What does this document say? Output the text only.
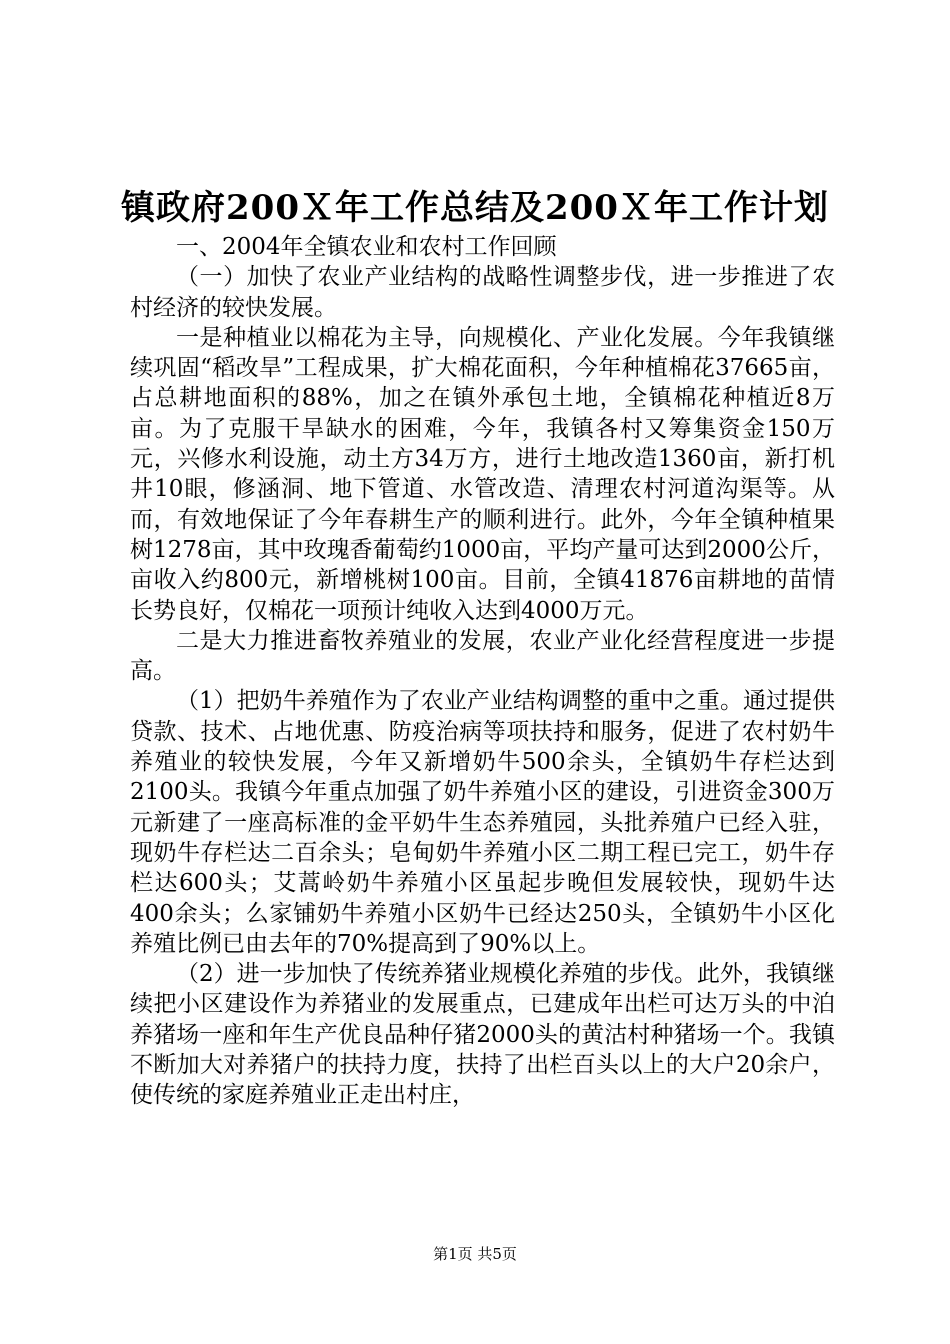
镇政府200Ｘ年工作总结及200Ｘ年工作计划

一、2004年全镇农业和农村工作回顾

（一）加快了农业产业结构的战略性调整步伐，进一步推进了农村经济的较快发展。

一是种植业以棉花为主导，向规模化、产业化发展。今年我镇继续巩固“稻改旱”工程成果，扩大棉花面积，今年种植棉花37665亩，占总耕地面积的88%，加之在镇外承包土地，全镇棉花种植近8万亩。为了克服干旱缺水的困难，今年，我镇各村又筹集资金150万元，兴修水利设施，动土方34万方，进行土地改造1360亩，新打机井10眼，修涵洞、地下管道、水管改造、清理农村河道沟渠等。从而，有效地保证了今年春耕生产的顺利进行。此外，今年全镇种植果树1278亩，其中玫瑰香葡萄约1000亩，平均产量可达到2000公斤，亩收入约800元，新增桃树100亩。目前，全镇41876亩耕地的苗情长势良好，仅棉花一项预计纯收入达到4000万元。

二是大力推进畜牧养殖业的发展，农业产业化经营程度进一步提高。

（1）把奶牛养殖作为了农业产业结构调整的重中之重。通过提供贷款、技术、占地优惠、防疫治病等项扶持和服务，促进了农村奶牛养殖业的较快发展，今年又新增奶牛500余头，全镇奶牛存栏达到2100头。我镇今年重点加强了奶牛养殖小区的建设，引进资金300万元新建了一座高标准的金平奶牛生态养殖园，头批养殖户已经入驻，现奶牛存栏达二百余头；皂甸奶牛养殖小区二期工程已完工，奶牛存栏达600头；艾蒿岭奶牛养殖小区虽起步晚但发展较快，现奶牛达400余头；么家铺奶牛养殖小区奶牛已经达250头，全镇奶牛小区化养殖比例已由去年的70%提高到了90%以上。

（2）进一步加快了传统养猪业规模化养殖的步伐。此外，我镇继续把小区建设作为养猪业的发展重点，已建成年出栏可达万头的中泊养猪场一座和年生产优良品种仔猪2000头的黄沽村种猪场一个。我镇不断加大对养猪户的扶持力度，扶持了出栏百头以上的大户20余户，使传统的家庭养殖业正走出村庄，

第1页 共5页
